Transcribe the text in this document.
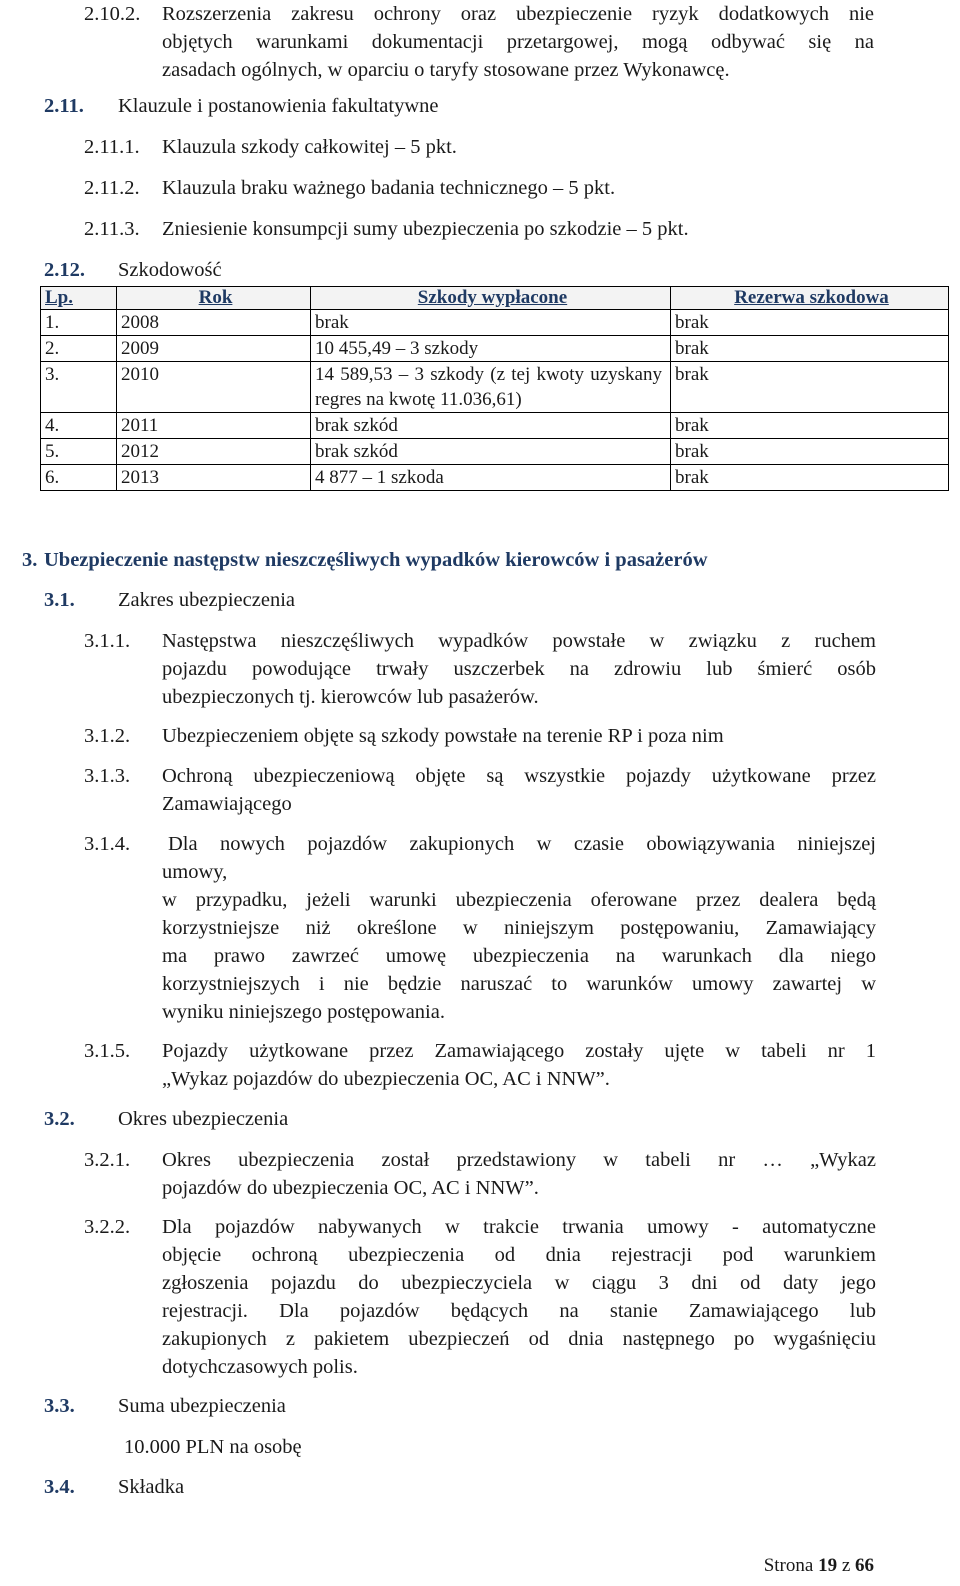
2.10.2. Rozszerzenia zakresu ochrony oraz ubezpieczenie ryzyk dodatkowych nie
objętych warunkami dokumentacji przetargowej, mogą odbywać się na
zasadach ogólnych, w oparciu o taryfy stosowane przez Wykonawcę.
2.11. Klauzule i postanowienia fakultatywne
2.11.1. Klauzula szkody całkowitej – 5 pkt.
2.11.2. Klauzula braku ważnego badania technicznego – 5 pkt.
2.11.3. Zniesienie konsumpcji sumy ubezpieczenia po szkodzie – 5 pkt.
2.12. Szkodowość
Lp.	Rok	Szkody wypłacone	Rezerwa szkodowa
1.	2008	brak	brak
2.	2009	10 455,49 – 3 szkody	brak
3.	2010	14 589,53 – 3 szkody (z tej kwoty uzyskany regres na kwotę 11.036,61)	brak
4.	2011	brak szkód	brak
5.	2012	brak szkód	brak
6.	2013	4 877 – 1 szkoda	brak
3. Ubezpieczenie następstw nieszczęśliwych wypadków kierowców i pasażerów
3.1. Zakres ubezpieczenia
3.1.1. Następstwa nieszczęśliwych wypadków powstałe w związku z ruchem
pojazdu powodujące trwały uszczerbek na zdrowiu lub śmierć osób
ubezpieczonych tj. kierowców lub pasażerów.
3.1.2. Ubezpieczeniem objęte są szkody powstałe na terenie RP i poza nim
3.1.3. Ochroną ubezpieczeniową objęte są wszystkie pojazdy użytkowane przez
Zamawiającego
3.1.4. Dla nowych pojazdów zakupionych w czasie obowiązywania niniejszej
umowy,
w przypadku, jeżeli warunki ubezpieczenia oferowane przez dealera będą
korzystniejsze niż określone w niniejszym postępowaniu, Zamawiający
ma prawo zawrzeć umowę ubezpieczenia na warunkach dla niego
korzystniejszych i nie będzie naruszać to warunków umowy zawartej w
wyniku niniejszego postępowania.
3.1.5. Pojazdy użytkowane przez Zamawiającego zostały ujęte w tabeli nr 1
„Wykaz pojazdów do ubezpieczenia OC, AC i NNW”.
3.2. Okres ubezpieczenia
3.2.1. Okres ubezpieczenia został przedstawiony w tabeli nr … „Wykaz
pojazdów do ubezpieczenia OC, AC i NNW”.
3.2.2. Dla pojazdów nabywanych w trakcie trwania umowy - automatyczne
objęcie ochroną ubezpieczenia od dnia rejestracji pod warunkiem
zgłoszenia pojazdu do ubezpieczyciela w ciągu 3 dni od daty jego
rejestracji. Dla pojazdów będących na stanie Zamawiającego lub
zakupionych z pakietem ubezpieczeń od dnia następnego po wygaśnięciu
dotychczasowych polis.
3.3. Suma ubezpieczenia
10.000 PLN na osobę
3.4. Składka
Strona 19 z 66
